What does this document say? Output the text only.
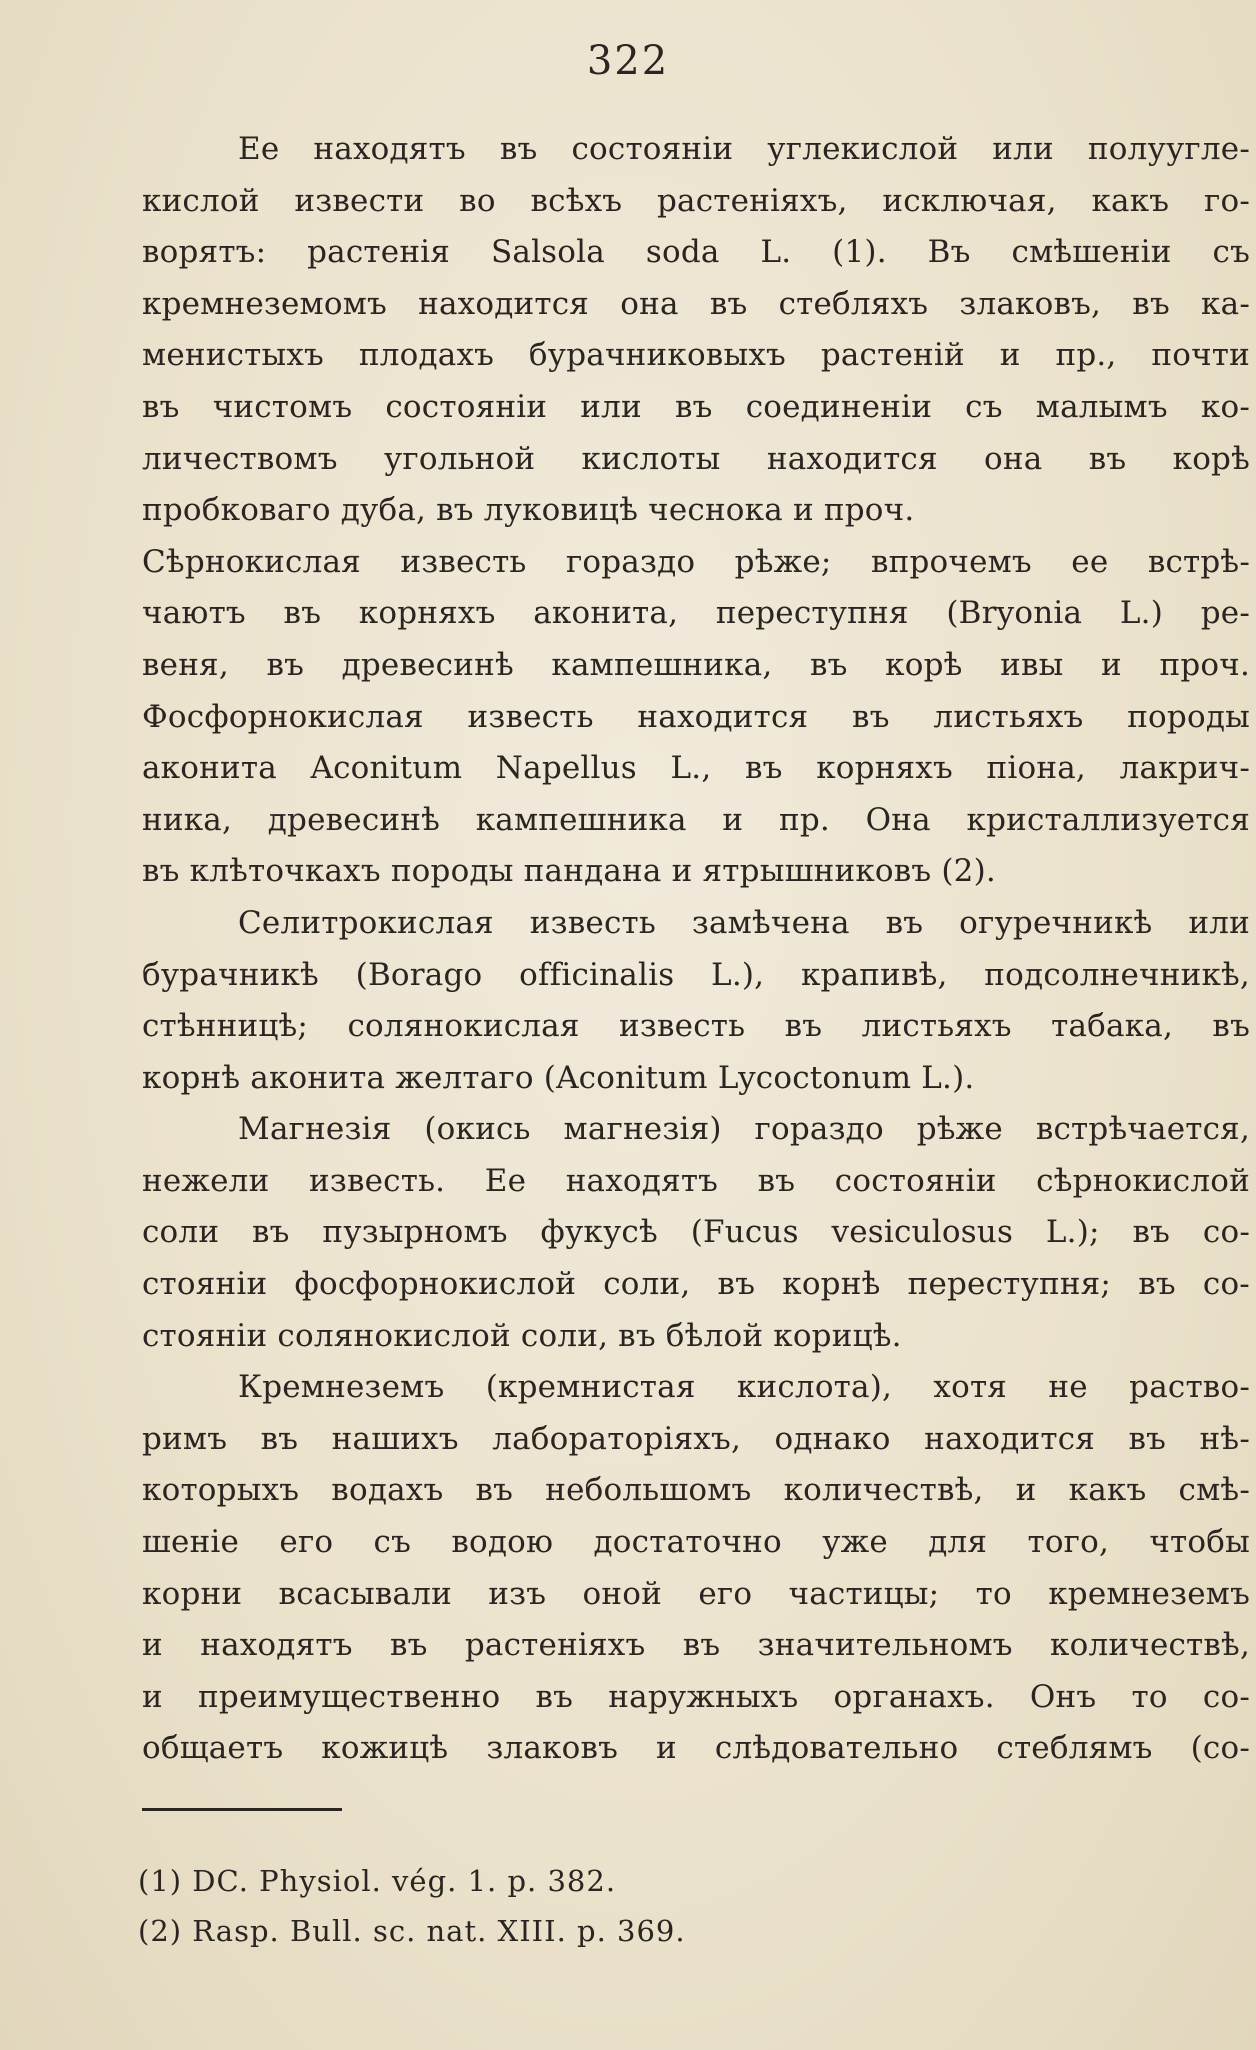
322
Ее находятъ въ состояніи углекислой или полуугле-
кислой извести во всѣхъ растеніяхъ, исключая, какъ го-
ворятъ: растенія Salsola soda L. (1). Въ смѣшеніи съ
кремнеземомъ находится она въ стебляхъ злаковъ, въ ка-
менистыхъ плодахъ бурачниковыхъ растеній и пр., почти
въ чистомъ состояніи или въ соединеніи съ малымъ ко-
личествомъ угольной кислоты находится она въ корѣ
пробковаго дуба, въ луковицѣ чеснока и проч.
Сѣрнокислая известь гораздо рѣже; впрочемъ ее встрѣ-
чаютъ въ корняхъ аконита, переступня (Bryonia L.) ре-
веня, въ древесинѣ кампешника, въ корѣ ивы и проч.
Фосфорнокислая известь находится въ листьяхъ породы
аконита Aconitum Napellus L., въ корняхъ піона, лакрич-
ника, древесинѣ кампешника и пр. Она кристаллизуется
въ клѣточкахъ породы пандана и ятрышниковъ (2).
Селитрокислая известь замѣчена въ огуречникѣ или
бурачникѣ (Borago officinalis L.), крапивѣ, подсолнечникѣ,
стѣнницѣ; солянокислая известь въ листьяхъ табака, въ
корнѣ аконита желтаго (Aconitum Lycoctonum L.).
Магнезія (окись магнезія) гораздо рѣже встрѣчается,
нежели известь. Ее находятъ въ состояніи сѣрнокислой
соли въ пузырномъ фукусѣ (Fucus vesiculosus L.); въ со-
стояніи фосфорнокислой соли, въ корнѣ переступня; въ со-
стояніи солянокислой соли, въ бѣлой корицѣ.
Кремнеземъ (кремнистая кислота), хотя не раство-
римъ въ нашихъ лабораторіяхъ, однако находится въ нѣ-
которыхъ водахъ въ небольшомъ количествѣ, и какъ смѣ-
шеніе его съ водою достаточно уже для того, чтобы
корни всасывали изъ оной его частицы; то кремнеземъ
и находятъ въ растеніяхъ въ значительномъ количествѣ,
и преимущественно въ наружныхъ органахъ. Онъ то со-
общаетъ кожицѣ злаковъ и слѣдовательно стеблямъ (со-
(1) DC. Physiol. vég. 1. p. 382.
(2) Rasp. Bull. sc. nat. XIII. p. 369.
